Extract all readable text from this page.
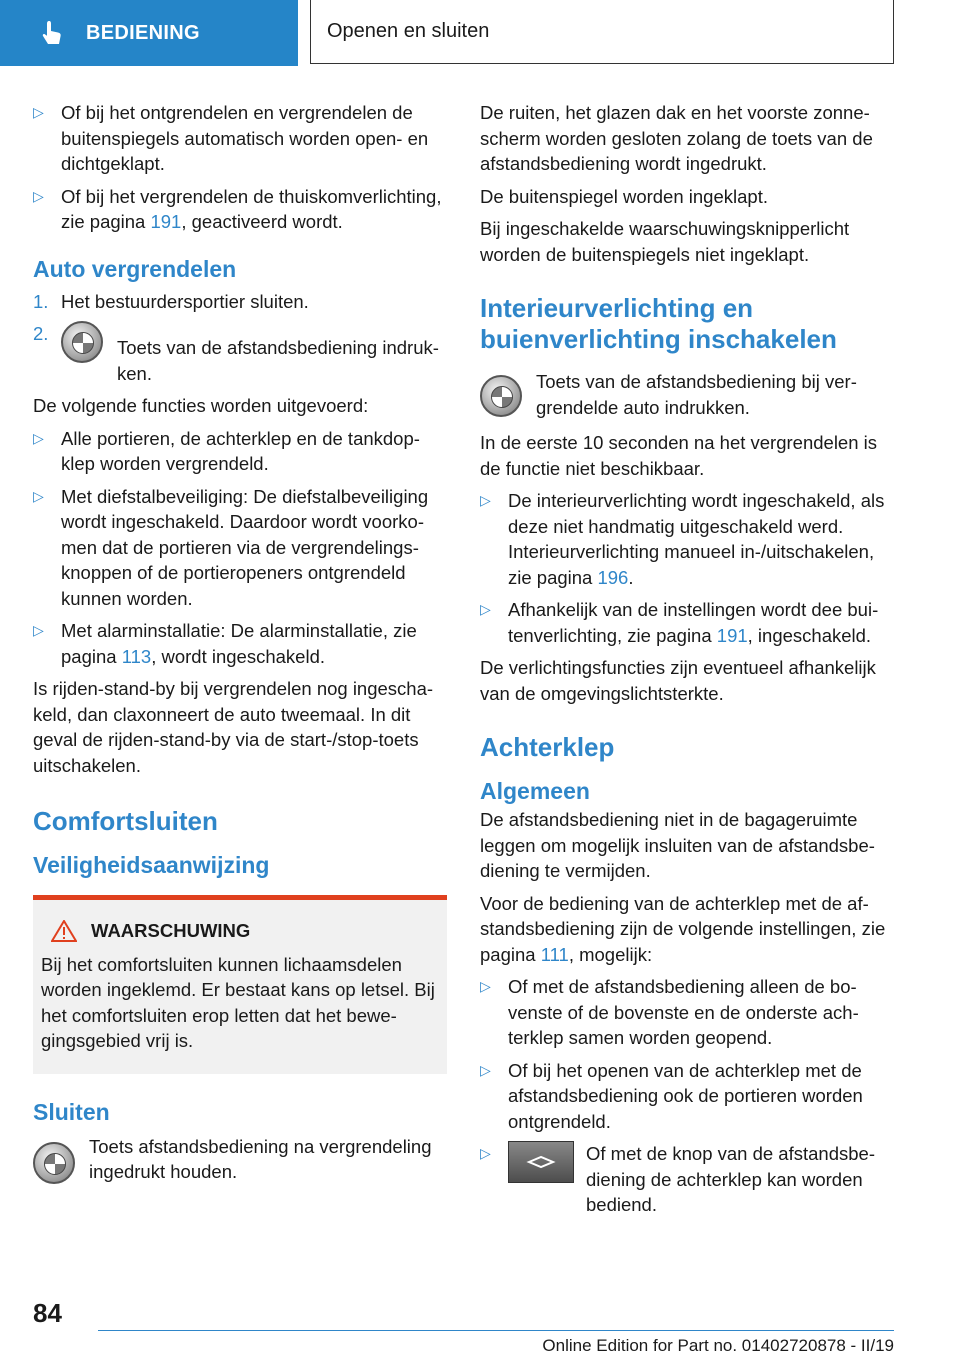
BEDIENING	Openen en sluiten
▷ Of bij het ontgrendelen en vergrendelen de buitenspiegels automatisch worden open- en dichtgeklapt.
▷ Of bij het vergrendelen de thuiskomverlichting, zie pagina 191, geactiveerd wordt.
Auto vergrendelen
1. Het bestuurdersportier sluiten.
2.
Toets van de afstandsbediening indrukken.

De volgende functies worden uitgevoerd:

▷ Alle portieren, de achterklep en de tankdopklep worden vergrendeld.
▷ Met diefstalbeveiliging: De diefstalbeveiliging wordt ingeschakeld. Daardoor wordt voorkomen dat de portieren via de vergrendelingsknoppen of de portieropeners ontgrendeld kunnen worden.
▷ Met alarminstallatie: De alarminstallatie, zie pagina 113, wordt ingeschakeld.

Is rijden-stand-by bij vergrendelen nog ingeschakeld, dan claxonneert de auto tweemaal. In dit geval de rijden-stand-by via de start-/stop-toets uitschakelen.

Comfortsluiten
Veiligheidsaanwijzing
WAARSCHUWING
Bij het comfortsluiten kunnen lichaamsdelen worden ingeklemd. Er bestaat kans op letsel. Bij het comfortsluiten erop letten dat het bewegingsgebied vrij is.
Sluiten
Toets afstandsbediening na vergrendeling ingedrukt houden.

De ruiten, het glazen dak en het voorste zonnescherm worden gesloten zolang de toets van de afstandsbediening wordt ingedrukt.

De buitenspiegel worden ingeklapt.

Bij ingeschakelde waarschuwingsknipperlicht worden de buitenspiegels niet ingeklapt.

Interieurverlichting en buienverlichting inschakelen
Toets van de afstandsbediening bij vergrendelde auto indrukken.

In de eerste 10 seconden na het vergrendelen is de functie niet beschikbaar.

▷ De interieurverlichting wordt ingeschakeld, als deze niet handmatig uitgeschakeld werd. Interieurverlichting manueel in-/uitschakelen, zie pagina 196.
▷ Afhankelijk van de instellingen wordt dee buitenverlichting, zie pagina 191, ingeschakeld.

De verlichtingsfuncties zijn eventueel afhankelijk van de omgevingslichtsterkte.

Achterklep
Algemeen

De afstandsbediening niet in de bagageruimte leggen om mogelijk insluiten van de afstandsbediening te vermijden.

Voor de bediening van de achterklep met de afstandsbediening zijn de volgende instellingen, zie pagina 111, mogelijk:

▷ Of met de afstandsbediening alleen de bovenste of de bovenste en de onderste achterklep samen worden geopend.
▷ Of bij het openen van de achterklep met de afstandsbediening ook de portieren worden ontgrendeld.
▷	Of met de knop van de afstandsbediening de achterklep kan worden bediend.
84
Online Edition for Part no. 01402720878 - II/19
